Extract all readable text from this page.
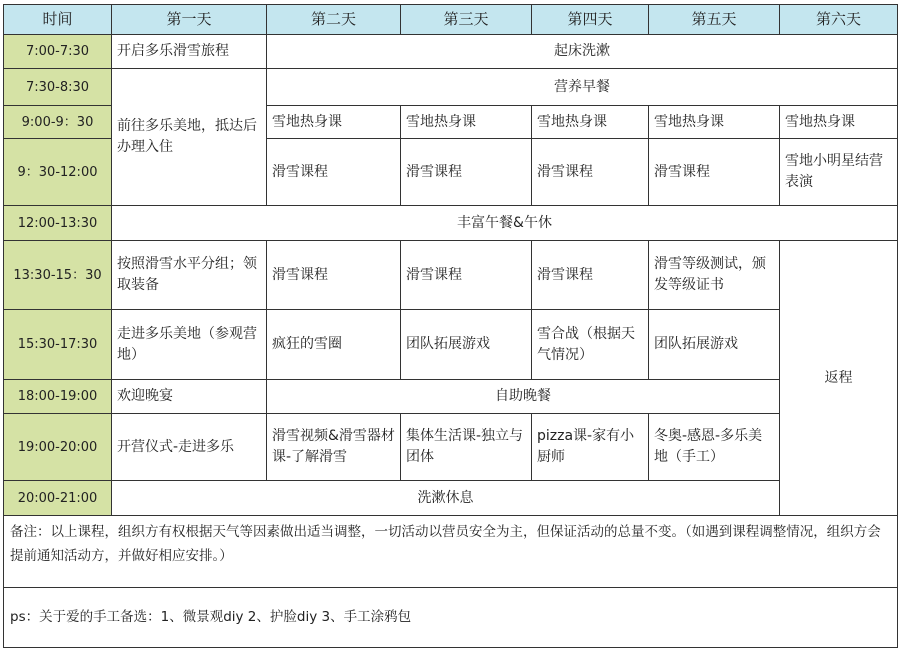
时间	第一天	第二天	第三天	第四天	第五天	第六天
7:00-7:30	开启多乐滑雪旅程	起床洗漱				
7:30-8:30	前往多乐美地，抵达后办理入住	营养早餐				
9:00-9：30		雪地热身课	雪地热身课	雪地热身课	雪地热身课	雪地热身课
9：30-12:00		滑雪课程	滑雪课程	滑雪课程	滑雪课程	雪地小明星结营表演
12:00-13:30	丰富午餐&午休					
13:30-15：30	按照滑雪水平分组；领取装备	滑雪课程	滑雪课程	滑雪课程	滑雪等级测试，颁发等级证书	返程
15:30-17:30	走进多乐美地（参观营地）	疯狂的雪圈	团队拓展游戏	雪合战（根据天气情况）	团队拓展游戏	
18:00-19:00	欢迎晚宴	自助晚餐				
19:00-20:00	开营仪式-走进多乐	滑雪视频&滑雪器材课-了解滑雪	集体生活课-独立与团体	pizza课-家有小厨师	冬奥-感恩-多乐美地（手工）	
20:00-21:00	洗漱休息					
备注：以上课程，组织方有权根据天气等因素做出适当调整，一切活动以营员安全为主，但保证活动的总量不变。（如遇到课程调整情况，组织方会提前通知活动方，并做好相应安排。）						
ps：关于爱的手工备选：1、微景观diy 2、护脸diy 3、手工涂鸦包						
